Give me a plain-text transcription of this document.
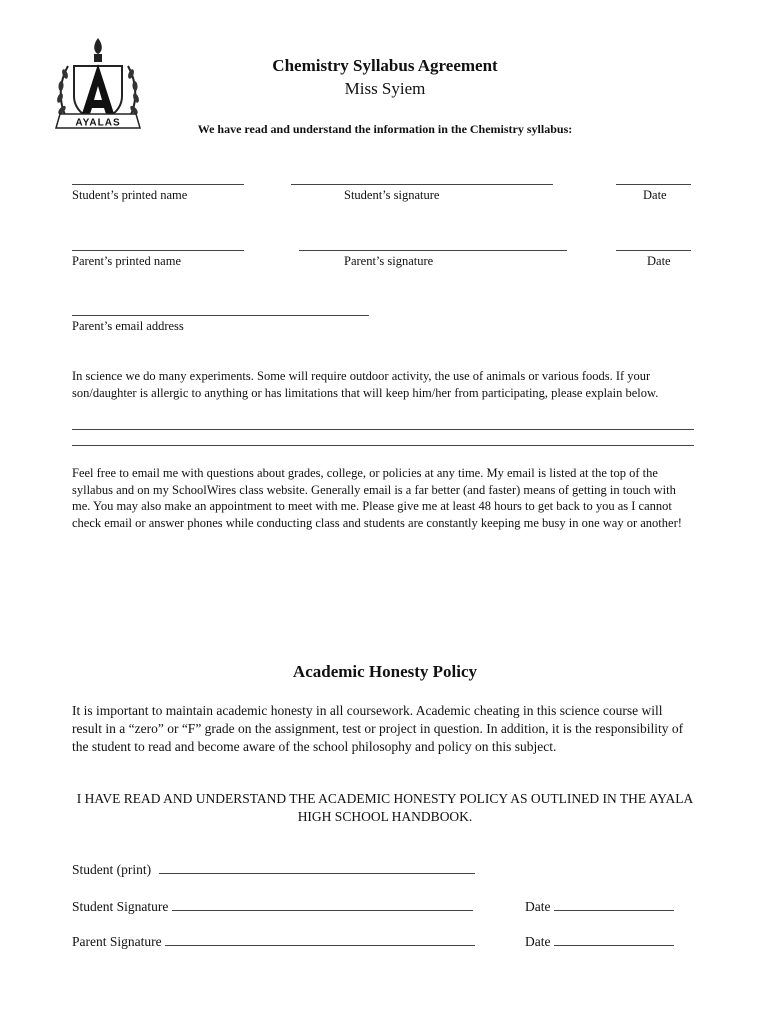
AYALAS
Chemistry Syllabus Agreement
Miss Syiem
We have read and understand the information in the Chemistry syllabus:
Student’s printed name	Student’s signature	Date
Parent’s printed name	Parent’s signature	Date
Parent’s email address
In science we do many experiments. Some will require outdoor activity, the use of animals or various foods. If your son/daughter is allergic to anything or has limitations that will keep him/her from participating, please explain below.
Feel free to email me with questions about grades, college, or policies at any time. My email is listed at the top of the syllabus and on my SchoolWires class website. Generally email is a far better (and faster) means of getting in touch with me. You may also make an appointment to meet with me. Please give me at least 48 hours to get back to you as I cannot check email or answer phones while conducting class and students are constantly keeping me busy in one way or another!
Academic Honesty Policy
It is important to maintain academic honesty in all coursework. Academic cheating in this science course will result in a “zero” or “F” grade on the assignment, test or project in question. In addition, it is the responsibility of the student to read and become aware of the school philosophy and policy on this subject.
I HAVE READ AND UNDERSTAND THE ACADEMIC HONESTY POLICY AS OUTLINED IN THE AYALA HIGH SCHOOL HANDBOOK.
Student (print)
Student Signature	Date
Parent Signature	Date
